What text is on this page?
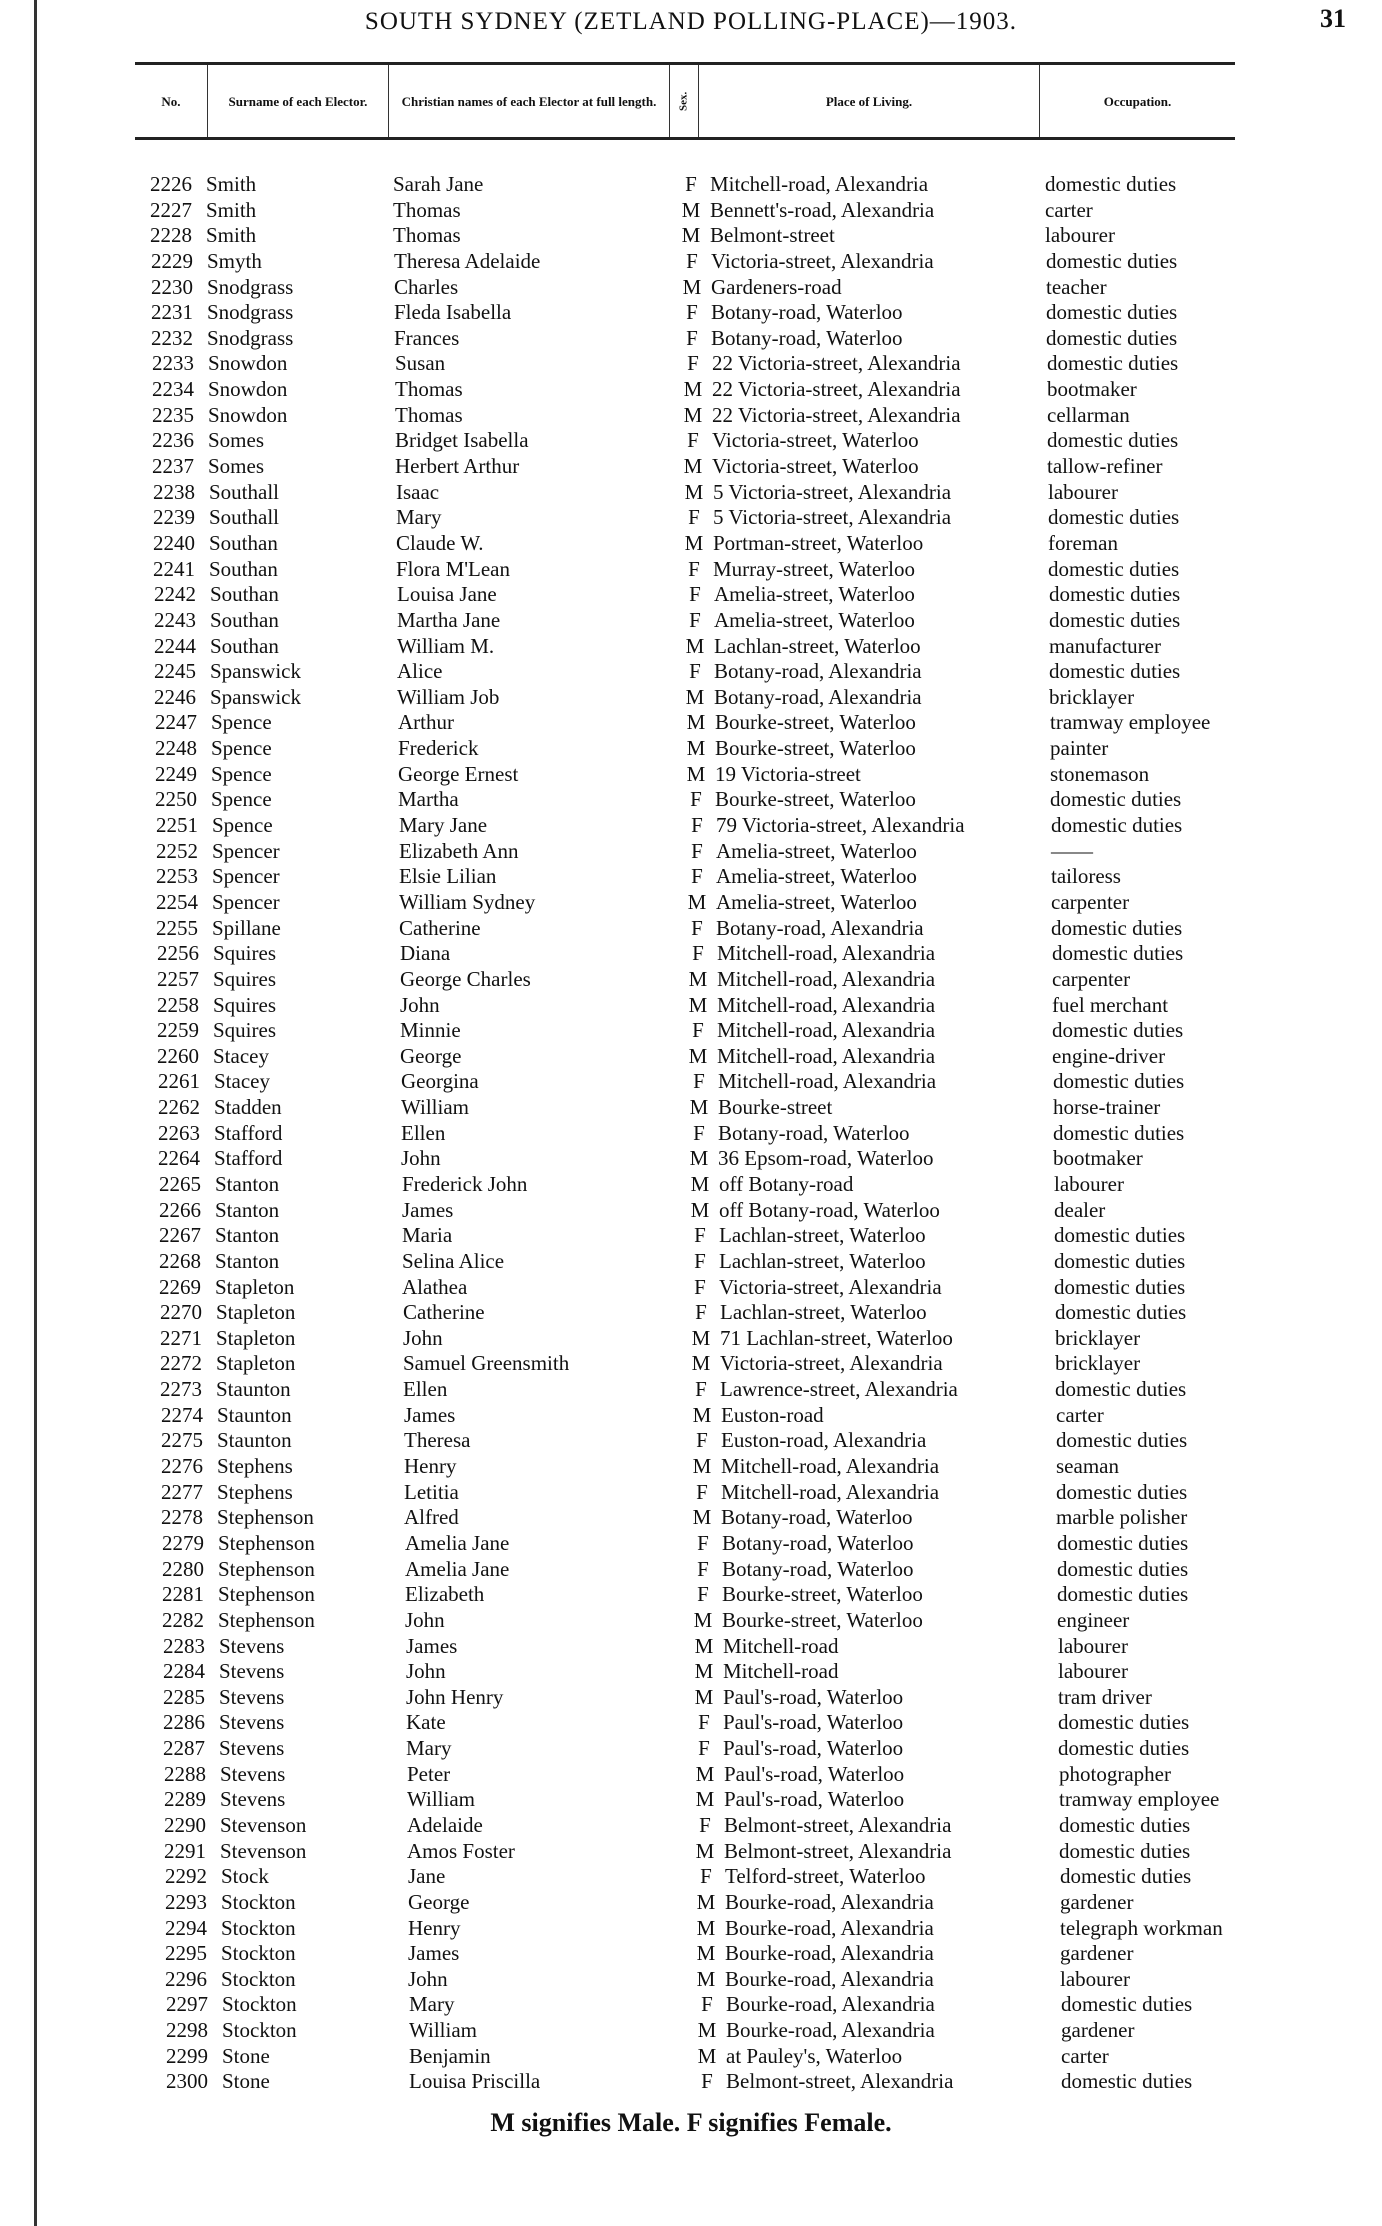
SOUTH SYDNEY (ZETLAND POLLING-PLACE)—1903.	31
No.	Surname of each Elector.	Christian names of each Elector at full length.	Sex.	Place of Living.	Occupation.
2226 Smith	Sarah Jane	F Mitchell-road, Alexandria	domestic duties
2227 Smith	Thomas	M Bennett's-road, Alexandria	carter
2228 Smith	Thomas	M Belmont-street	labourer
2229 Smyth	Theresa Adelaide	F Victoria-street, Alexandria	domestic duties
2230 Snodgrass	Charles	M Gardeners-road	teacher
2231 Snodgrass	Fleda Isabella	F Botany-road, Waterloo	domestic duties
2232 Snodgrass	Frances	F Botany-road, Waterloo	domestic duties
2233 Snowdon	Susan	F 22 Victoria-street, Alexandria	domestic duties
2234 Snowdon	Thomas	M 22 Victoria-street, Alexandria	bootmaker
2235 Snowdon	Thomas	M 22 Victoria-street, Alexandria	cellarman
2236 Somes	Bridget Isabella	F Victoria-street, Waterloo	domestic duties
2237 Somes	Herbert Arthur	M Victoria-street, Waterloo	tallow-refiner
2238 Southall	Isaac	M 5 Victoria-street, Alexandria	labourer
2239 Southall	Mary	F 5 Victoria-street, Alexandria	domestic duties
2240 Southan	Claude W.	M Portman-street, Waterloo	foreman
2241 Southan	Flora M'Lean	F Murray-street, Waterloo	domestic duties
2242 Southan	Louisa Jane	F Amelia-street, Waterloo	domestic duties
2243 Southan	Martha Jane	F Amelia-street, Waterloo	domestic duties
2244 Southan	William M.	M Lachlan-street, Waterloo	manufacturer
2245 Spanswick	Alice	F Botany-road, Alexandria	domestic duties
2246 Spanswick	William Job	M Botany-road, Alexandria	bricklayer
2247 Spence	Arthur	M Bourke-street, Waterloo	tramway employee
2248 Spence	Frederick	M Bourke-street, Waterloo	painter
2249 Spence	George Ernest	M 19 Victoria-street	stonemason
2250 Spence	Martha	F Bourke-street, Waterloo	domestic duties
2251 Spence	Mary Jane	F 79 Victoria-street, Alexandria	domestic duties
2252 Spencer	Elizabeth Ann	F Amelia-street, Waterloo	——
2253 Spencer	Elsie Lilian	F Amelia-street, Waterloo	tailoress
2254 Spencer	William Sydney	M Amelia-street, Waterloo	carpenter
2255 Spillane	Catherine	F Botany-road, Alexandria	domestic duties
2256 Squires	Diana	F Mitchell-road, Alexandria	domestic duties
2257 Squires	George Charles	M Mitchell-road, Alexandria	carpenter
2258 Squires	John	M Mitchell-road, Alexandria	fuel merchant
2259 Squires	Minnie	F Mitchell-road, Alexandria	domestic duties
2260 Stacey	George	M Mitchell-road, Alexandria	engine-driver
2261 Stacey	Georgina	F Mitchell-road, Alexandria	domestic duties
2262 Stadden	William	M Bourke-street	horse-trainer
2263 Stafford	Ellen	F Botany-road, Waterloo	domestic duties
2264 Stafford	John	M 36 Epsom-road, Waterloo	bootmaker
2265 Stanton	Frederick John	M off Botany-road	labourer
2266 Stanton	James	M off Botany-road, Waterloo	dealer
2267 Stanton	Maria	F Lachlan-street, Waterloo	domestic duties
2268 Stanton	Selina Alice	F Lachlan-street, Waterloo	domestic duties
2269 Stapleton	Alathea	F Victoria-street, Alexandria	domestic duties
2270 Stapleton	Catherine	F Lachlan-street, Waterloo	domestic duties
2271 Stapleton	John	M 71 Lachlan-street, Waterloo	bricklayer
2272 Stapleton	Samuel Greensmith	M Victoria-street, Alexandria	bricklayer
2273 Staunton	Ellen	F Lawrence-street, Alexandria	domestic duties
2274 Staunton	James	M Euston-road	carter
2275 Staunton	Theresa	F Euston-road, Alexandria	domestic duties
2276 Stephens	Henry	M Mitchell-road, Alexandria	seaman
2277 Stephens	Letitia	F Mitchell-road, Alexandria	domestic duties
2278 Stephenson	Alfred	M Botany-road, Waterloo	marble polisher
2279 Stephenson	Amelia Jane	F Botany-road, Waterloo	domestic duties
2280 Stephenson	Amelia Jane	F Botany-road, Waterloo	domestic duties
2281 Stephenson	Elizabeth	F Bourke-street, Waterloo	domestic duties
2282 Stephenson	John	M Bourke-street, Waterloo	engineer
2283 Stevens	James	M Mitchell-road	labourer
2284 Stevens	John	M Mitchell-road	labourer
2285 Stevens	John Henry	M Paul's-road, Waterloo	tram driver
2286 Stevens	Kate	F Paul's-road, Waterloo	domestic duties
2287 Stevens	Mary	F Paul's-road, Waterloo	domestic duties
2288 Stevens	Peter	M Paul's-road, Waterloo	photographer
2289 Stevens	William	M Paul's-road, Waterloo	tramway employee
2290 Stevenson	Adelaide	F Belmont-street, Alexandria	domestic duties
2291 Stevenson	Amos Foster	M Belmont-street, Alexandria	domestic duties
2292 Stock	Jane	F Telford-street, Waterloo	domestic duties
2293 Stockton	George	M Bourke-road, Alexandria	gardener
2294 Stockton	Henry	M Bourke-road, Alexandria	telegraph workman
2295 Stockton	James	M Bourke-road, Alexandria	gardener
2296 Stockton	John	M Bourke-road, Alexandria	labourer
2297 Stockton	Mary	F Bourke-road, Alexandria	domestic duties
2298 Stockton	William	M Bourke-road, Alexandria	gardener
2299 Stone	Benjamin	M at Pauley's, Waterloo	carter
2300 Stone	Louisa Priscilla	F Belmont-street, Alexandria	domestic duties
M signifies Male. F signifies Female.
